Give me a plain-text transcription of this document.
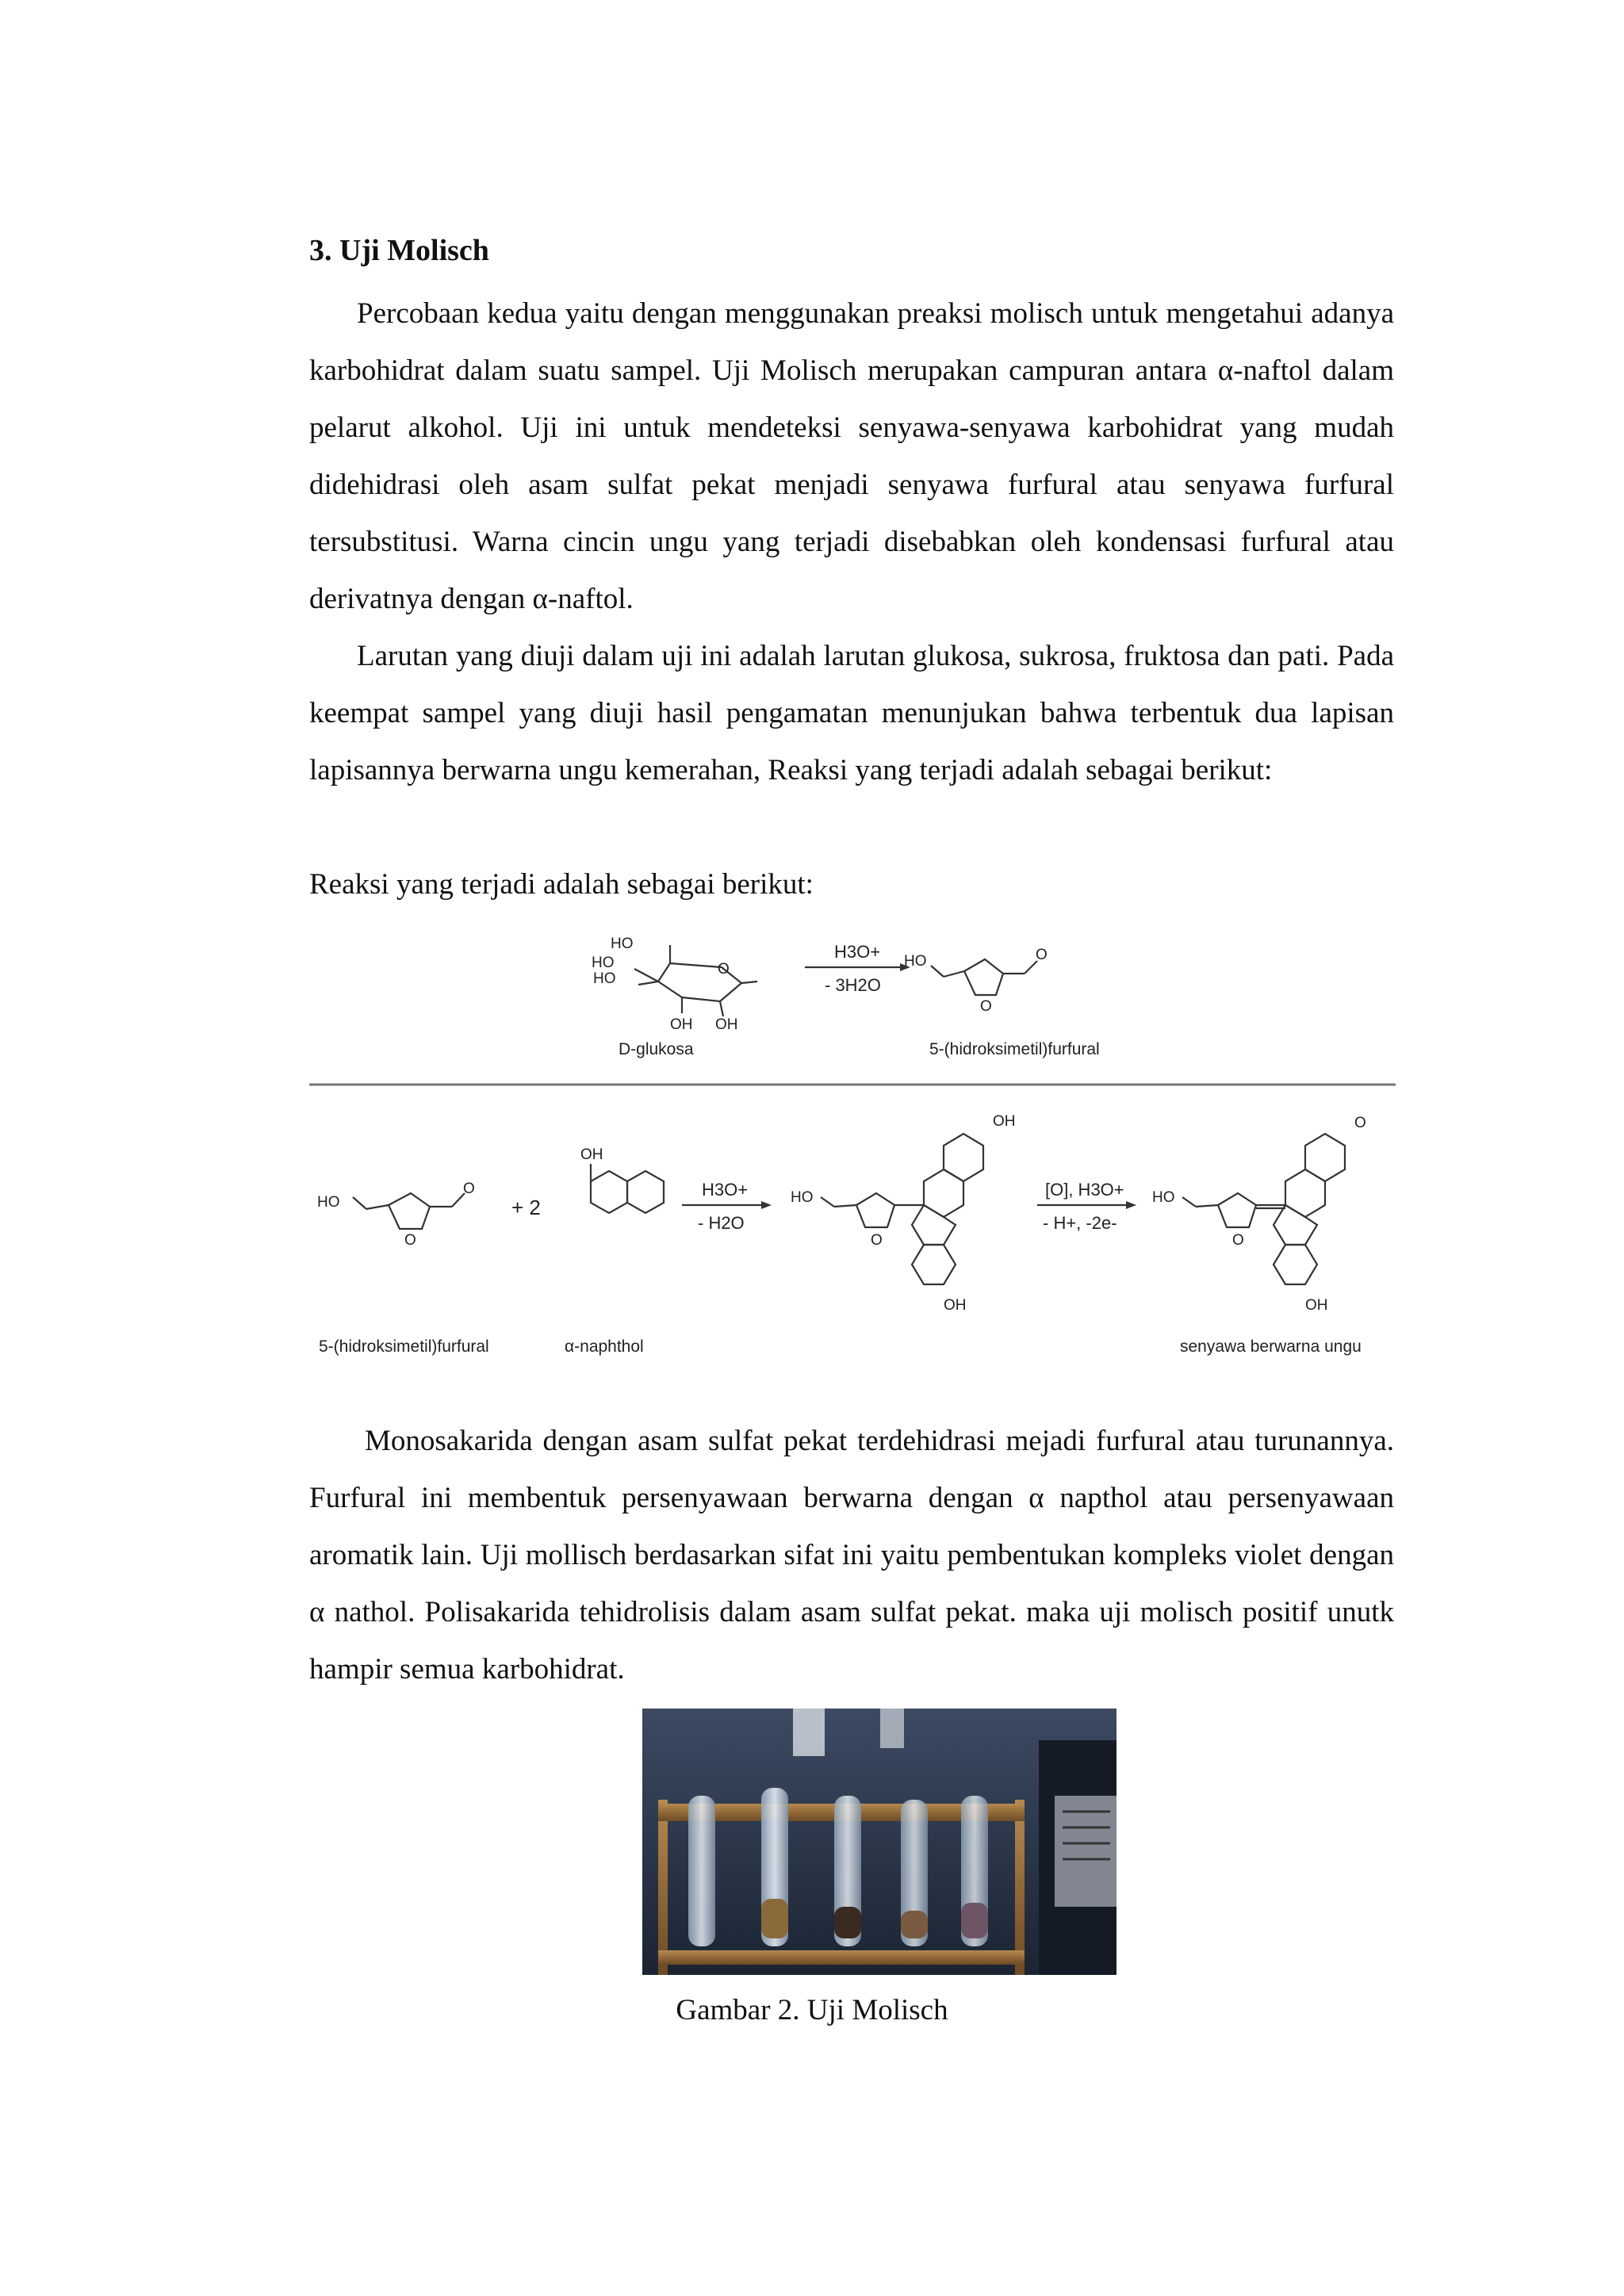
3. Uji Molisch

Percobaan kedua yaitu dengan menggunakan preaksi molisch untuk mengetahui adanya karbohidrat dalam suatu sampel. Uji Molisch merupakan campuran antara α-naftol dalam pelarut alkohol. Uji ini untuk mendeteksi senyawa-senyawa karbohidrat yang mudah didehidrasi oleh asam sulfat pekat menjadi senyawa furfural atau senyawa furfural tersubstitusi. Warna cincin ungu yang terjadi disebabkan oleh kondensasi furfural atau derivatnya dengan α-naftol.

Larutan yang diuji dalam uji ini adalah larutan glukosa, sukrosa, fruktosa dan pati. Pada keempat sampel yang diuji hasil pengamatan menunjukan bahwa terbentuk dua lapisan lapisannya berwarna ungu kemerahan, Reaksi yang terjadi adalah sebagai berikut:

Reaksi yang terjadi adalah sebagai berikut:

HO
HO
HO
O
OH OH
D-glukosa
H3O+
- 3H2O
HO
O
O
5-(hidroksimetil)furfural
HO
O
O
+ 2
OH
5-(hidroksimetil)furfural	α-naphthol
H3O+
- H2O
HO
O
OH
OH
[O], H3O+
- H+, -2e-
HO
O
O
OH
senyawa berwarna ungu

Monosakarida dengan asam sulfat pekat terdehidrasi mejadi furfural atau turunannya. Furfural ini membentuk persenyawaan berwarna dengan α napthol atau persenyawaan aromatik lain. Uji mollisch berdasarkan sifat ini yaitu pembentukan kompleks violet dengan α nathol. Polisakarida tehidrolisis dalam asam sulfat pekat. maka uji molisch positif unutk hampir semua karbohidrat.

Gambar 2. Uji Molisch
